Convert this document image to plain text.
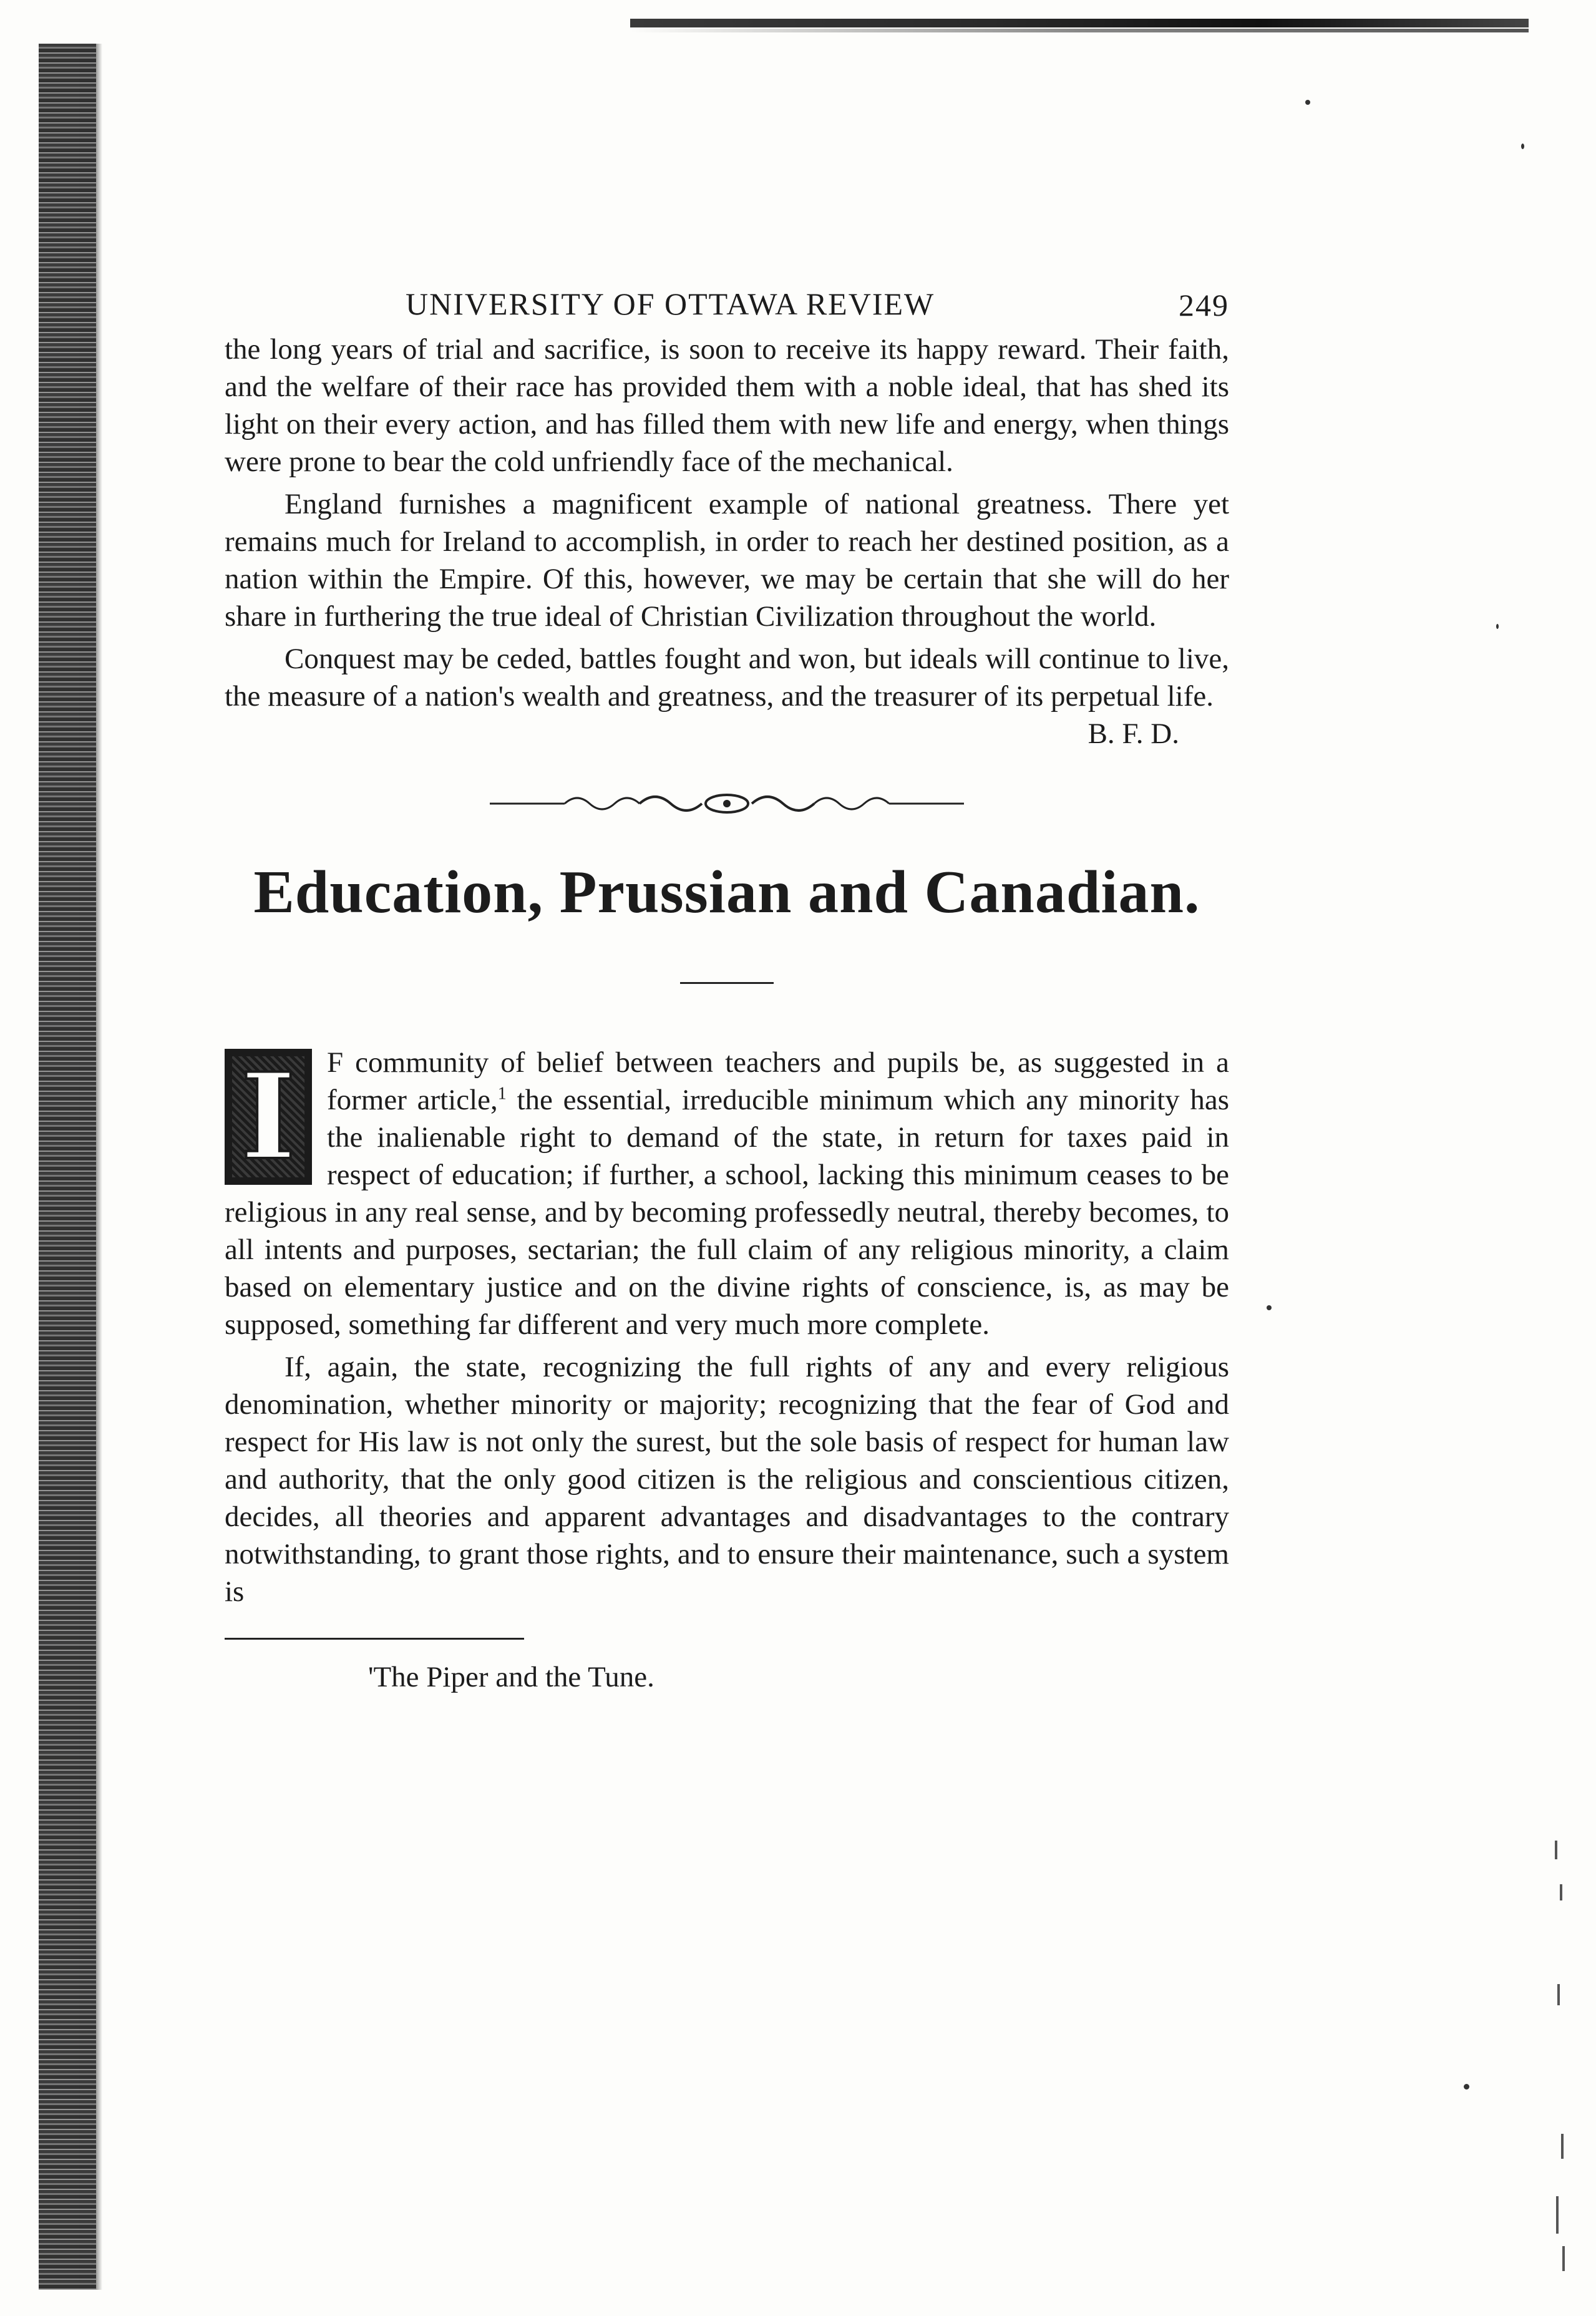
UNIVERSITY OF OTTAWA REVIEW	249

the long years of trial and sacrifice, is soon to receive its happy reward. Their faith, and the welfare of their race has provided them with a noble ideal, that has shed its light on their every action, and has filled them with new life and energy, when things were prone to bear the cold unfriendly face of the mechanical.

England furnishes a magnificent example of national greatness. There yet remains much for Ireland to accomplish, in order to reach her destined position, as a nation within the Empire. Of this, however, we may be certain that she will do her share in furthering the true ideal of Christian Civilization throughout the world.

Conquest may be ceded, battles fought and won, but ideals will continue to live, the measure of a nation's wealth and greatness, and the treasurer of its perpetual life.

B. F. D.

Education, Prussian and Canadian.
I	F community of belief between teachers and pupils be, as suggested in a former article,$^1$ the essential, irreducible minimum which any minority has the inalienable right to demand of the state, in return for taxes paid in respect of education; if further, a school, lacking this minimum ceases to be religious in any real sense, and by becoming professedly neutral, thereby becomes, to all intents and purposes, sectarian; the full claim of any religious minority, a claim based on elementary justice and on the divine rights of conscience, is, as may be supposed, something far different and very much more complete.

If, again, the state, recognizing the full rights of any and every religious denomination, whether minority or majority; recognizing that the fear of God and respect for His law is not only the surest, but the sole basis of respect for human law and authority, that the only good citizen is the religious and conscientious citizen, decides, all theories and apparent advantages and disadvantages to the contrary notwithstanding, to grant those rights, and to ensure their maintenance, such a system is

'The Piper and the Tune.
